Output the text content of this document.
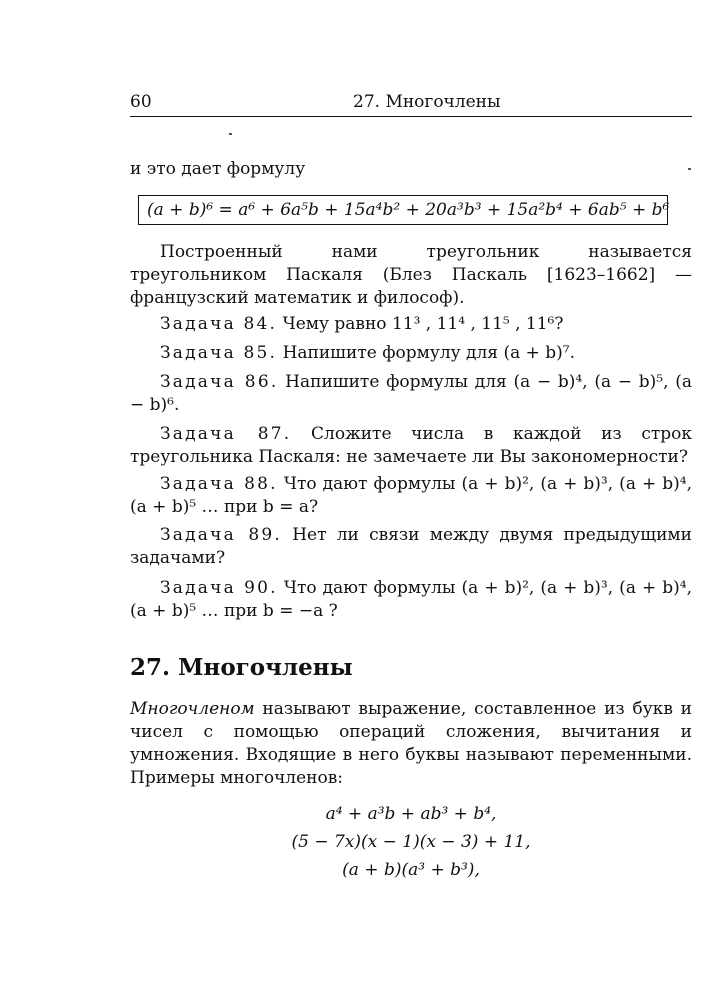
60	27. Многочлены

и это дает формулу

(a + b)⁶ = a⁶ + 6a⁵b + 15a⁴b² + 20a³b³ + 15a²b⁴ + 6ab⁵ + b⁶

Построенный нами треугольник называется треугольником Паскаля (Блез Паскаль [1623–1662] — французский математик и философ).

Задача 84. Чему равно 11³ , 11⁴ , 11⁵ , 11⁶?

Задача 85. Напишите формулу для (a + b)⁷.

Задача 86. Напишите формулы для (a − b)⁴, (a − b)⁵, (a − b)⁶.

Задача 87. Сложите числа в каждой из строк треугольника Паскаля: не замечаете ли Вы закономерности?

Задача 88. Что дают формулы (a + b)², (a + b)³, (a + b)⁴, (a + b)⁵ … при b = a?

Задача 89. Нет ли связи между двумя предыдущими задачами?

Задача 90. Что дают формулы (a + b)², (a + b)³, (a + b)⁴, (a + b)⁵ … при b = −a ?

27. Многочлены

Многочленом называют выражение, составленное из букв и чисел с помощью операций сложения, вычитания и умножения. Входящие в него буквы называют переменными. Примеры многочленов:

a⁴ + a³b + ab³ + b⁴,
(5 − 7x)(x − 1)(x − 3) + 11,
(a + b)(a³ + b³),
